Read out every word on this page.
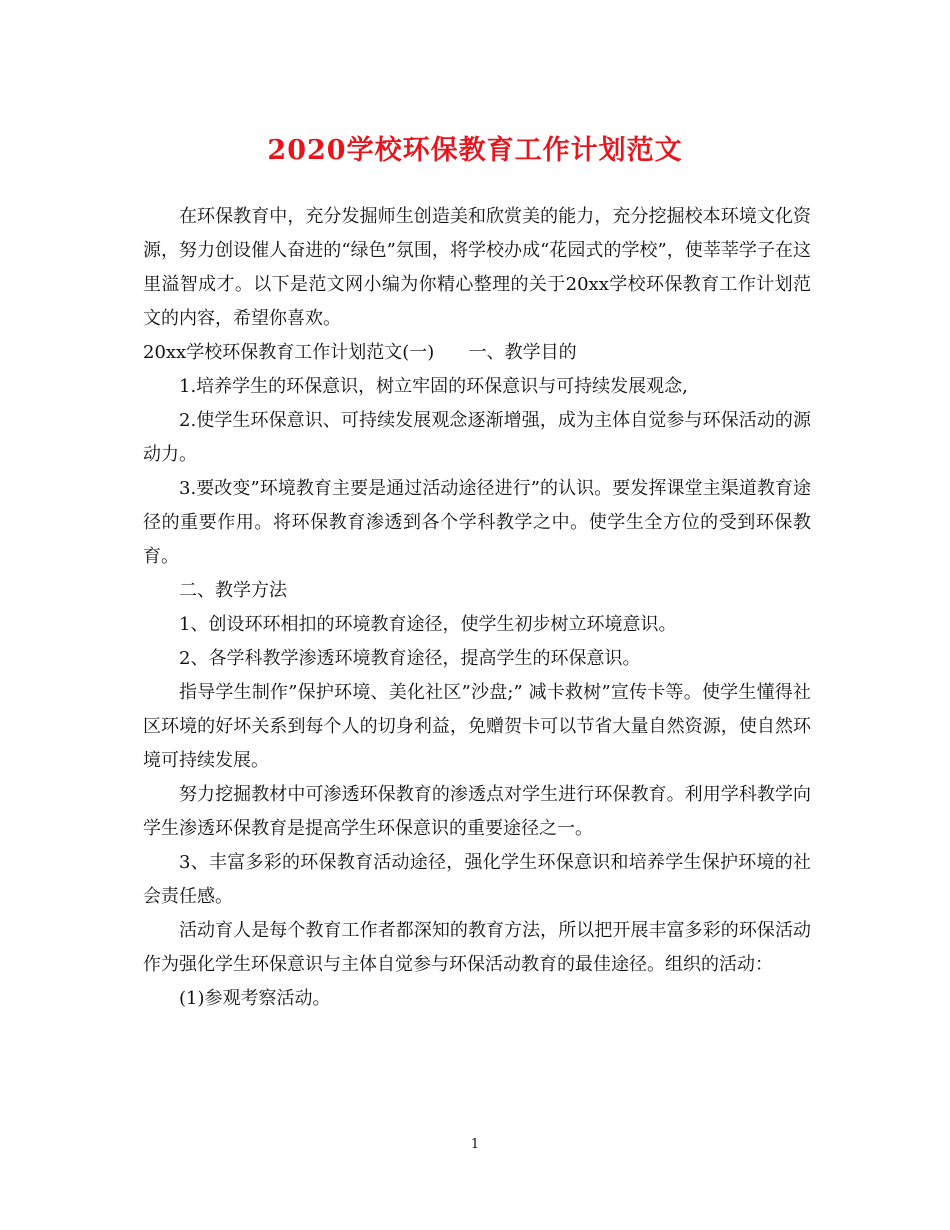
2020学校环保教育工作计划范文

在环保教育中，充分发掘师生创造美和欣赏美的能力，充分挖掘校本环境文化资源，努力创设催人奋进的“绿色”氛围，将学校办成“花园式的学校”，使莘莘学子在这里溢智成才。以下是范文网小编为你精心整理的关于20xx学校环保教育工作计划范文的内容，希望你喜欢。

20xx学校环保教育工作计划范文(一)      一、教学目的

1.培养学生的环保意识，树立牢固的环保意识与可持续发展观念,

2.使学生环保意识、可持续发展观念逐渐增强，成为主体自觉参与环保活动的源动力。

3.要改变”环境教育主要是通过活动途径进行”的认识。要发挥课堂主渠道教育途径的重要作用。将环保教育渗透到各个学科教学之中。使学生全方位的受到环保教育。

二、教学方法

1、创设环环相扣的环境教育途径，使学生初步树立环境意识。

2、各学科教学渗透环境教育途径，提高学生的环保意识。

指导学生制作”保护环境、美化社区”沙盘;” 减卡救树”宣传卡等。使学生懂得社区环境的好坏关系到每个人的切身利益，免赠贺卡可以节省大量自然资源，使自然环境可持续发展。

努力挖掘教材中可渗透环保教育的渗透点对学生进行环保教育。利用学科教学向学生渗透环保教育是提高学生环保意识的重要途径之一。

3、丰富多彩的环保教育活动途径，强化学生环保意识和培养学生保护环境的社会责任感。

活动育人是每个教育工作者都深知的教育方法，所以把开展丰富多彩的环保活动作为强化学生环保意识与主体自觉参与环保活动教育的最佳途径。组织的活动：

(1)参观考察活动。

1
